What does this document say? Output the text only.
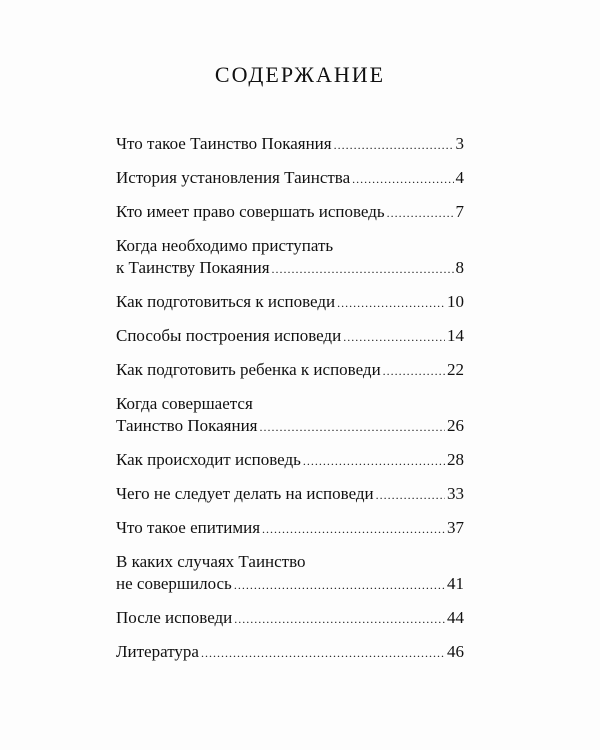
СОДЕРЖАНИЕ
Что такое Таинство Покаяния .....	3
История установления Таинства .....	4
Кто имеет право совершать исповедь .....	7
Когда необходимо приступать
к Таинству Покаяния .....	8
Как подготовиться к исповеди .....	10
Способы построения исповеди .....	14
Как подготовить ребенка к исповеди .....	22
Когда совершается
Таинство Покаяния .....	26
Как происходит исповедь .....	28
Чего не следует делать на исповеди .....	33
Что такое епитимия .....	37
В каких случаях Таинство
не совершилось .....	41
После исповеди .....	44
Литература .....	46
